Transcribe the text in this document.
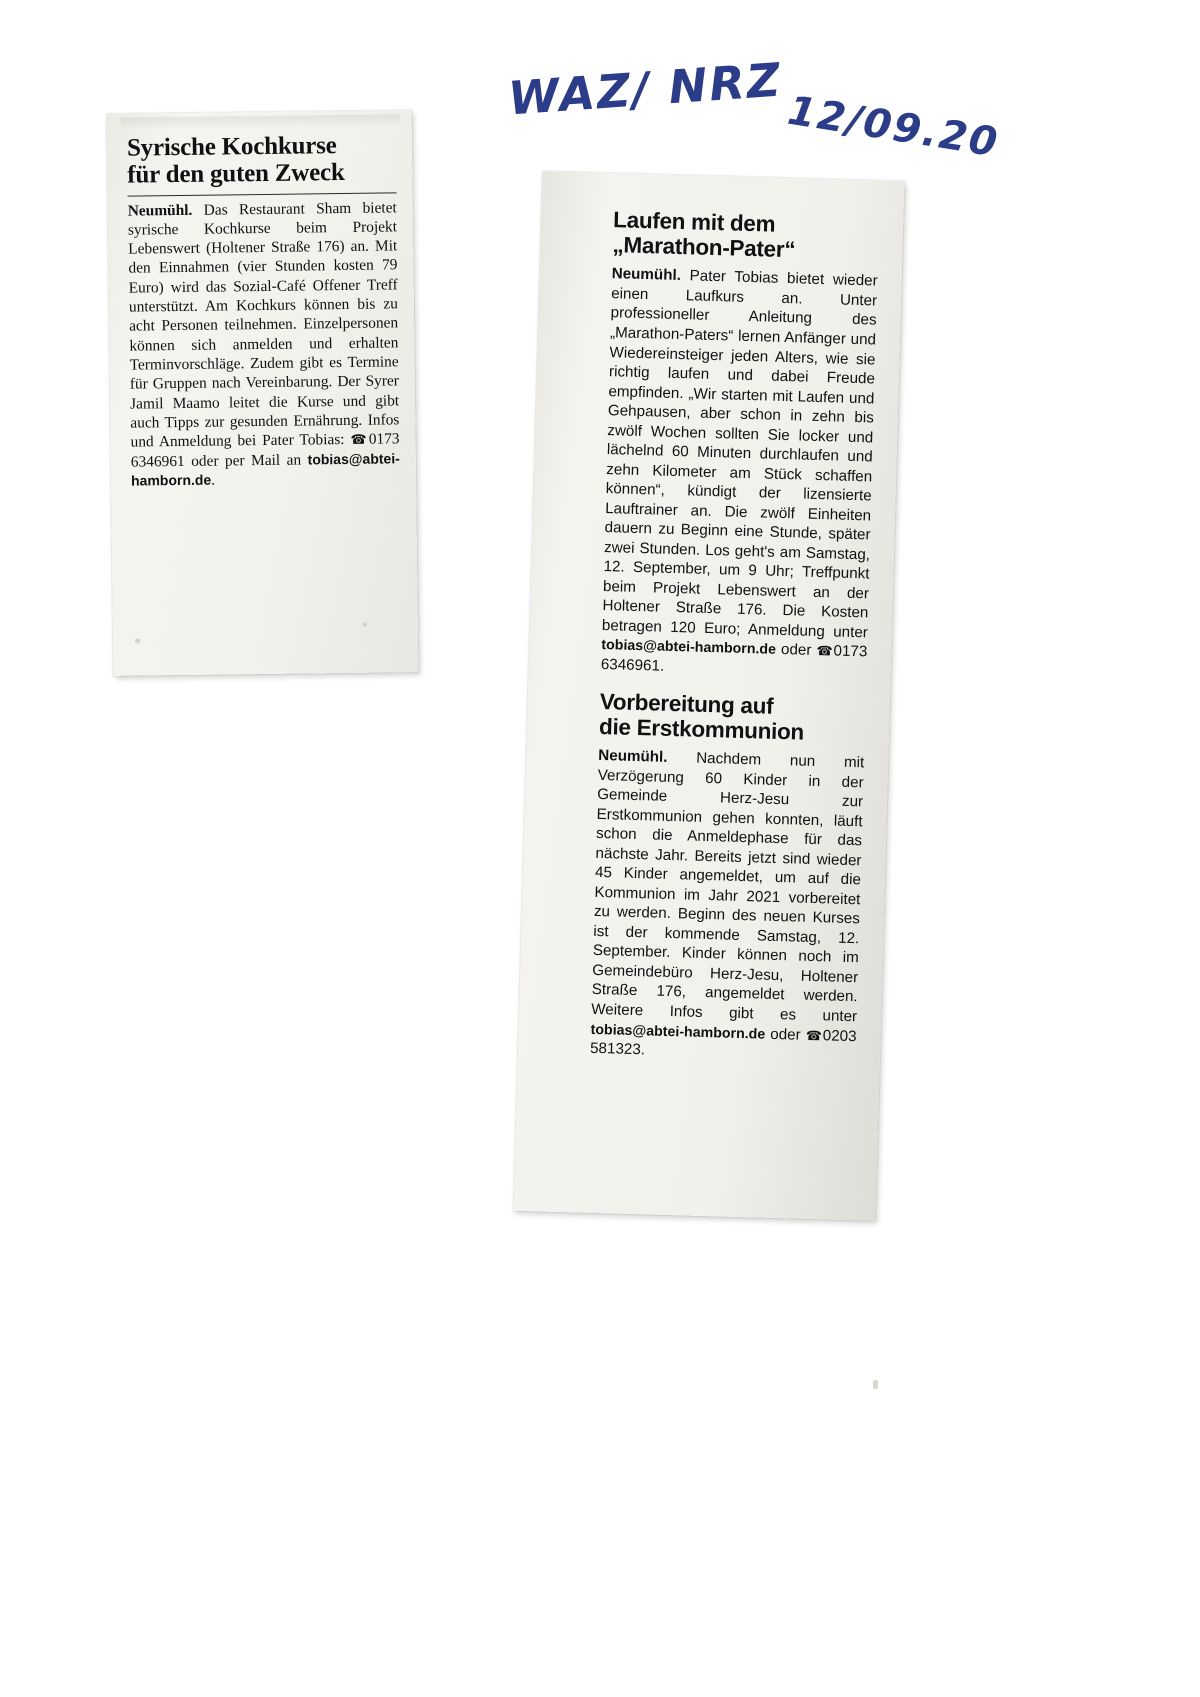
WAZ/ NRZ 12/09.20
Syrische Kochkurse
für den guten Zweck

Neumühl. Das Restaurant Sham bietet syrische Kochkurse beim Projekt Lebenswert (Holtener Straße 176) an. Mit den Einnahmen (vier Stunden kosten 79 Euro) wird das Sozial-Café Offener Treff unterstützt. Am Kochkurs können bis zu acht Personen teilnehmen. Einzelpersonen können sich anmelden und erhalten Terminvorschläge. Zudem gibt es Termine für Gruppen nach Vereinbarung. Der Syrer Jamil Maamo leitet die Kurse und gibt auch Tipps zur gesunden Ernährung. Infos und Anmeldung bei Pater Tobias: ☎0173 6346961 oder per Mail an tobias@abtei-hamborn.de.

Laufen mit dem
„Marathon-Pater“

Neumühl. Pater Tobias bietet wieder einen Laufkurs an. Unter professioneller Anleitung des „Marathon-Paters“ lernen Anfänger und Wiedereinsteiger jeden Alters, wie sie richtig laufen und dabei Freude empfinden. „Wir starten mit Laufen und Gehpausen, aber schon in zehn bis zwölf Wochen sollten Sie locker und lächelnd 60 Minuten durchlaufen und zehn Kilometer am Stück schaffen können“, kündigt der lizensierte Lauftrainer an. Die zwölf Einheiten dauern zu Beginn eine Stunde, später zwei Stunden. Los geht's am Samstag, 12. September, um 9 Uhr; Treffpunkt beim Projekt Lebenswert an der Holtener Straße 176. Die Kosten betragen 120 Euro; Anmeldung unter tobias@abtei-hamborn.de oder ☎0173 6346961.

Vorbereitung auf
die Erstkommunion

Neumühl. Nachdem nun mit Verzögerung 60 Kinder in der Gemeinde Herz-Jesu zur Erstkommunion gehen konnten, läuft schon die Anmeldephase für das nächste Jahr. Bereits jetzt sind wieder 45 Kinder angemeldet, um auf die Kommunion im Jahr 2021 vorbereitet zu werden. Beginn des neuen Kurses ist der kommende Samstag, 12. September. Kinder können noch im Gemeindebüro Herz-Jesu, Holtener Straße 176, angemeldet werden. Weitere Infos gibt es unter tobias@abtei-hamborn.de oder ☎0203 581323.
